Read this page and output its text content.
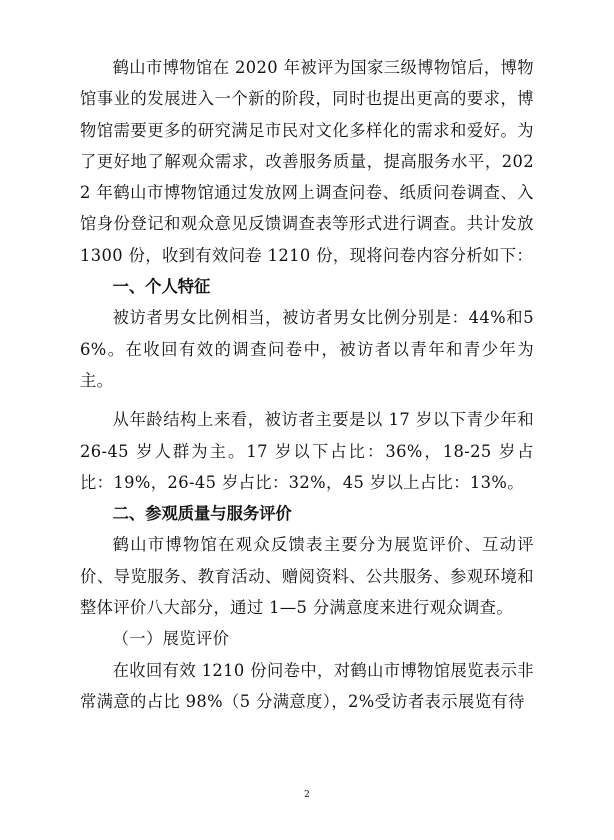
鹤山市博物馆在 2020 年被评为国家三级博物馆后，博物馆事业的发展进入一个新的阶段，同时也提出更高的要求，博物馆需要更多的研究满足市民对文化多样化的需求和爱好。为了更好地了解观众需求，改善服务质量，提高服务水平，2022 年鹤山市博物馆通过发放网上调查问卷、纸质问卷调查、入馆身份登记和观众意见反馈调查表等形式进行调查。共计发放 1300 份，收到有效问卷 1210 份，现将问卷内容分析如下：

一、个人特征

被访者男女比例相当，被访者男女比例分别是：44%和56%。在收回有效的调查问卷中，被访者以青年和青少年为主。

从年龄结构上来看，被访者主要是以 17 岁以下青少年和 26-45 岁人群为主。17 岁以下占比：36%，18-25 岁占比：19%，26-45 岁占比：32%，45 岁以上占比：13%。

二、参观质量与服务评价

鹤山市博物馆在观众反馈表主要分为展览评价、互动评价、导览服务、教育活动、赠阅资料、公共服务、参观环境和整体评价八大部分，通过 1—5 分满意度来进行观众调查。

（一）展览评价

在收回有效 1210 份问卷中，对鹤山市博物馆展览表示非常满意的占比 98%（5 分满意度），2%受访者表示展览有待

2
